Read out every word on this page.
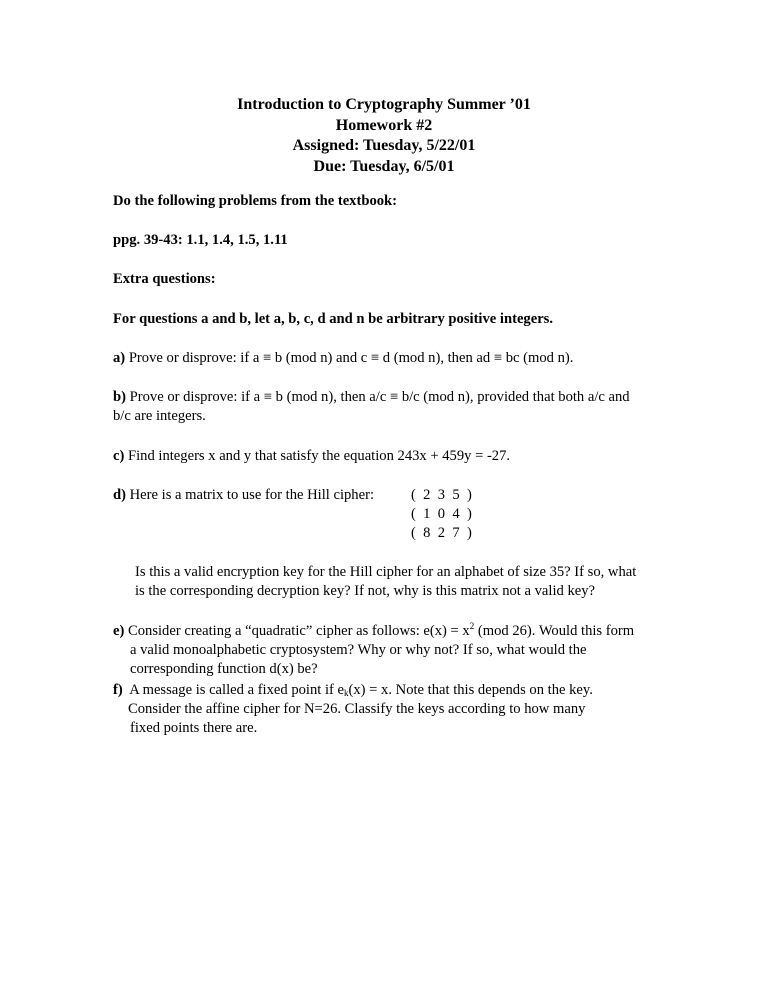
Introduction to Cryptography Summer ’01
Homework #2
Assigned: Tuesday, 5/22/01
Due: Tuesday, 6/5/01

Do the following problems from the textbook:

ppg. 39-43: 1.1, 1.4, 1.5, 1.11

Extra questions:

For questions a and b, let a, b, c, d and n be arbitrary positive integers.

a) Prove or disprove: if a ≡ b (mod n) and c ≡ d (mod n), then ad ≡ bc (mod n).

b) Prove or disprove: if a ≡ b (mod n), then a/c ≡ b/c (mod n), provided that both a/c and
b/c are integers.

c) Find integers x and y that satisfy the equation 243x + 459y = -27.

d) Here is a matrix to use for the Hill cipher:	(  2  3  5  )
(  1  0  4  )
(  8  2  7  )
Is this a valid encryption key for the Hill cipher for an alphabet of size 35? If so, what
is the corresponding decryption key? If not, why is this matrix not a valid key?
e) Consider creating a “quadratic” cipher as follows: $e(x) = x^2$ (mod 26). Would this form
a valid monoalphabetic cryptosystem? Why or why not? If so, what would the
corresponding function d(x) be?
f)  A message is called a fixed point if $e_k(x) = x$. Note that this depends on the key.
Consider the affine cipher for N=26. Classify the keys according to how many
fixed points there are.
